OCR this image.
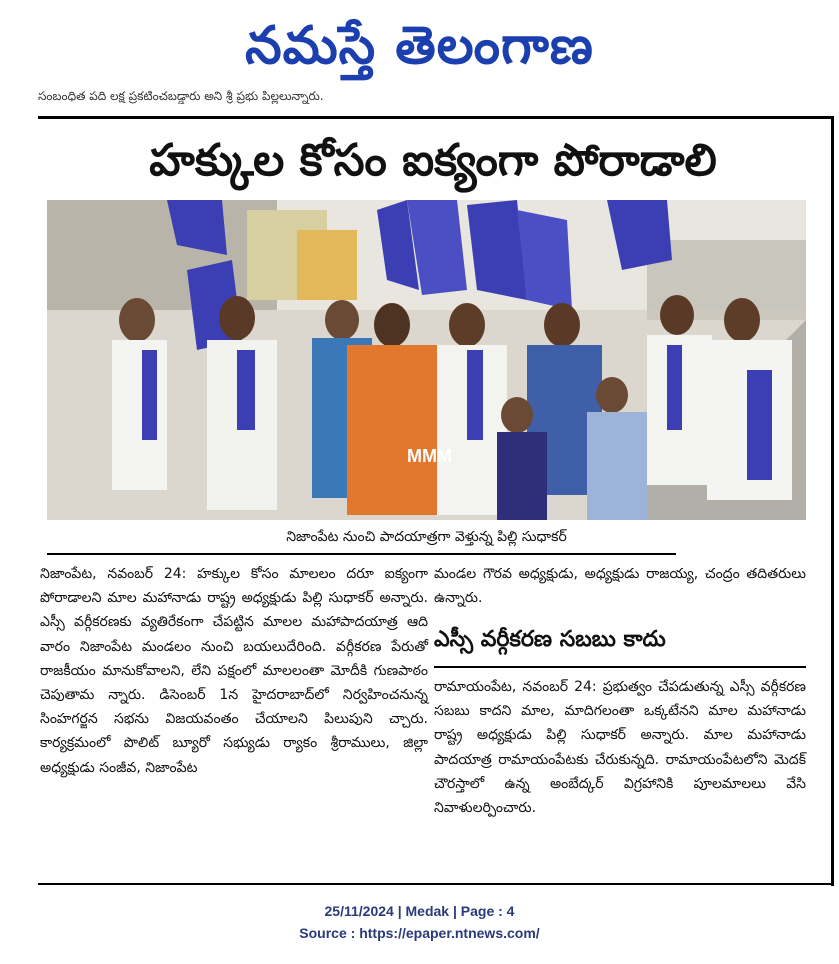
నమస్తే తెలంగాణ
సంబంధిత పది లక్ష ప్రకటించబడ్డారు అని శ్రీ ప్రభు పిల్లలున్నారు.
హక్కుల కోసం ఐక్యంగా పోరాడాలి
MMM
నిజాంపేట నుంచి పాదయాత్రగా వెళ్తున్న పిల్లి సుధాకర్
నిజాంపేట, నవంబర్ 24: హక్కుల కోసం మాలలం దరూ ఐక్యంగా పోరాడాలని మాల మహానాడు రాష్ట్ర అధ్యక్షుడు పిల్లి సుధాకర్ అన్నారు. ఎస్సీ వర్గీకరణకు వ్యతిరేకంగా చేపట్టిన మాలల మహాపాదయాత్ర ఆది వారం నిజాంపేట మండలం నుంచి బయలుదేరింది. వర్గీకరణ పేరుతో రాజకీయం మానుకోవాలని, లేని పక్షంలో మాలలంతా మోదీకి గుణపాఠం చెపుతామ న్నారు. డిసెంబర్ 1న హైదరాబాద్‌లో నిర్వహించనున్న సింహగర్జన సభను విజయవంతం చేయాలని పిలుపుని చ్చారు. కార్యక్రమంలో పొలిట్ బ్యూరో సభ్యుడు ర్యాకం శ్రీరాములు, జిల్లా అధ్యక్షుడు సంజీవ, నిజాంపేట
మండల గౌరవ అధ్యక్షుడు, అధ్యక్షుడు రాజయ్య, చంద్రం తదితరులు ఉన్నారు.
ఎస్సీ వర్గీకరణ సబబు కాదు
రామాయంపేట, నవంబర్ 24: ప్రభుత్వం చేపడుతున్న ఎస్సీ వర్గీకరణ సబబు కాదని మాల, మాదిగలంతా ఒక్కటేనని మాల మహానాడు రాష్ట్ర అధ్యక్షుడు పిల్లి సుధాకర్ అన్నారు. మాల మహానాడు పాదయాత్ర రామాయంపేటకు చేరుకున్నది. రామాయంపేటలోని మెదక్ చౌరస్తాలో ఉన్న అంబేద్కర్ విగ్రహానికి పూలమాలలు వేసి నివాళులర్పించారు.
25/11/2024 | Medak | Page : 4
Source : https://epaper.ntnews.com/
